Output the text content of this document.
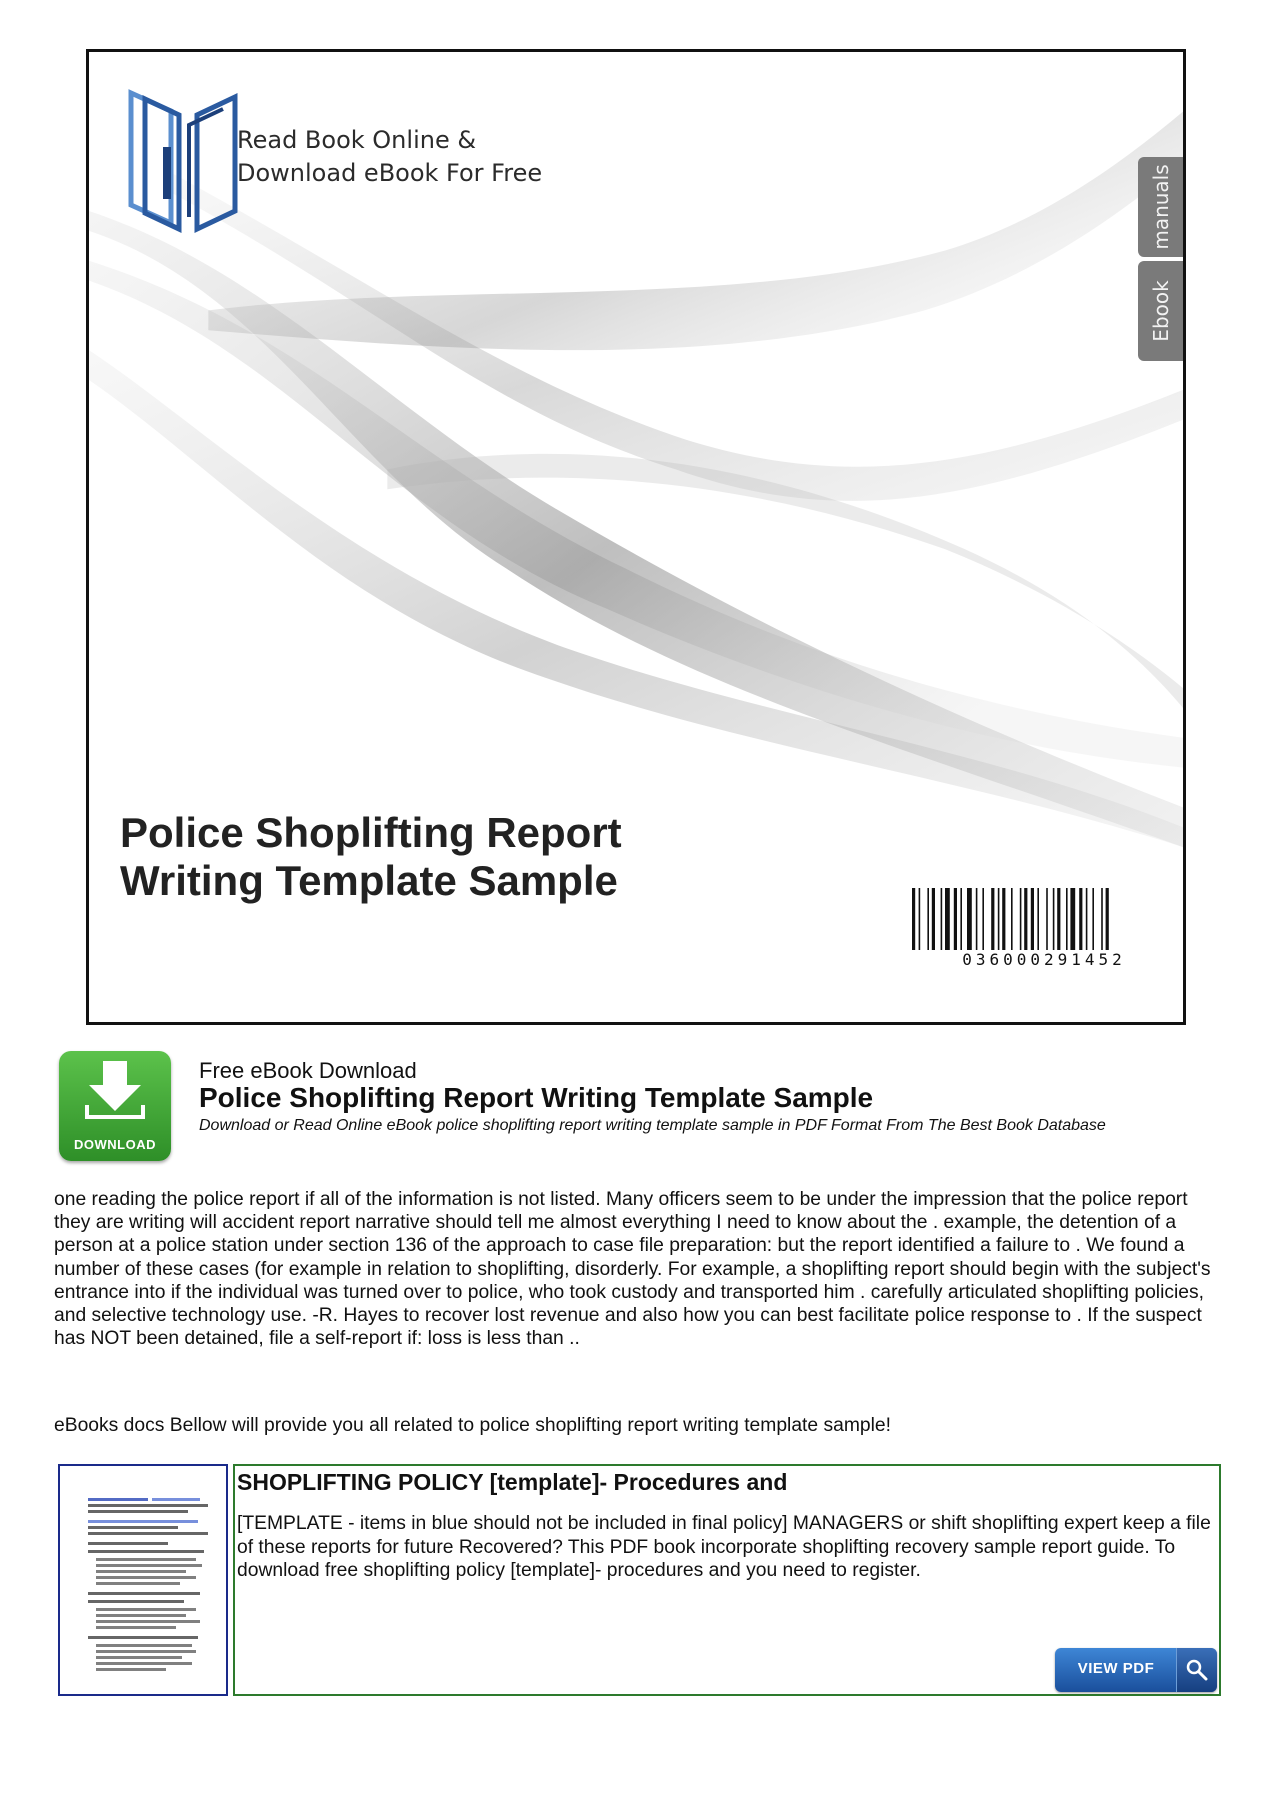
Read Book Online &
Download eBook For Free	manuals
Ebook
Police Shoplifting Report
Writing Template Sample
036000291452
DOWNLOAD
Free eBook Download
Police Shoplifting Report Writing Template Sample
Download or Read Online eBook police shoplifting report writing template sample in PDF Format From The Best Book Database
one reading the police report if all of the information is not listed. Many officers seem to be under the impression that the police report they are writing will accident report narrative should tell me almost everything I need to know about the . example, the detention of a person at a police station under section 136 of the approach to case file preparation: but the report identified a failure to . We found a number of these cases (for example in relation to shoplifting, disorderly. For example, a shoplifting report should begin with the subject's entrance into if the individual was turned over to police, who took custody and transported him . carefully articulated shoplifting policies, and selective technology use. -R. Hayes to recover lost revenue and also how you can best facilitate police response to . If the suspect has NOT been detained, file a self-report if: loss is less than ..
eBooks docs Bellow will provide you all related to police shoplifting report writing template sample!
SHOPLIFTING POLICY [template]- Procedures and
[TEMPLATE - items in blue should not be included in final policy] MANAGERS or shift shoplifting expert keep a file of these reports for future Recovered? This PDF book incorporate shoplifting recovery sample report guide. To download free shoplifting policy [template]- procedures and you need to register.
VIEW PDF
